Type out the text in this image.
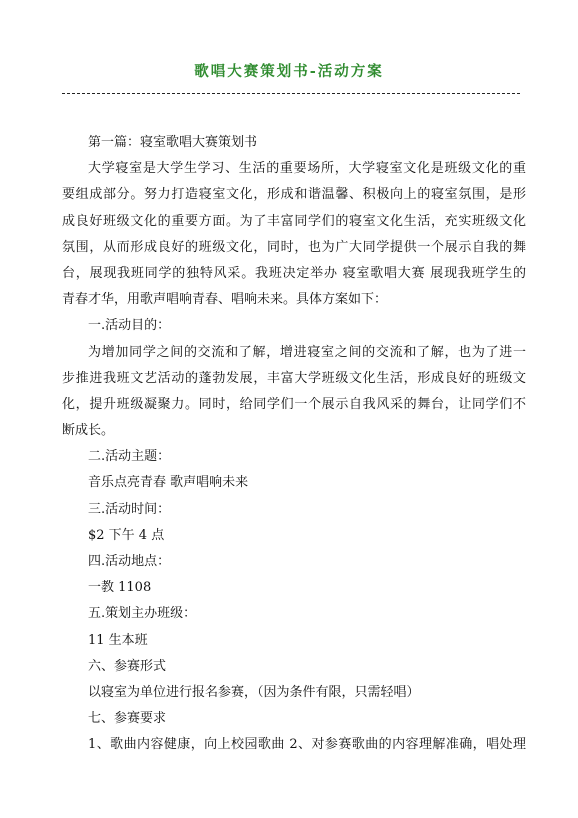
歌唱大赛策划书-活动方案
第一篇：寝室歌唱大赛策划书
大学寝室是大学生学习、生活的重要场所，大学寝室文化是班级文化的重
要组成部分。努力打造寝室文化，形成和谐温馨、积极向上的寝室氛围，是形
成良好班级文化的重要方面。为了丰富同学们的寝室文化生活，充实班级文化
氛围，从而形成良好的班级文化，同时，也为广大同学提供一个展示自我的舞
台，展现我班同学的独特风采。我班决定举办 寝室歌唱大赛 展现我班学生的
青春才华，用歌声唱响青春、唱响未来。具体方案如下：
一.活动目的：
为增加同学之间的交流和了解，增进寝室之间的交流和了解，也为了进一
步推进我班文艺活动的蓬勃发展，丰富大学班级文化生活，形成良好的班级文
化，提升班级凝聚力。同时，给同学们一个展示自我风采的舞台，让同学们不
断成长。
二.活动主题：
音乐点亮青春 歌声唱响未来
三.活动时间：
$2 下午 4 点
四.活动地点：
一教 1108
五.策划主办班级：
11 生本班
六、参赛形式
以寝室为单位进行报名参赛，（因为条件有限，只需轻唱）
七、参赛要求
1、歌曲内容健康，向上校园歌曲 2、对参赛歌曲的内容理解准确，唱处理
